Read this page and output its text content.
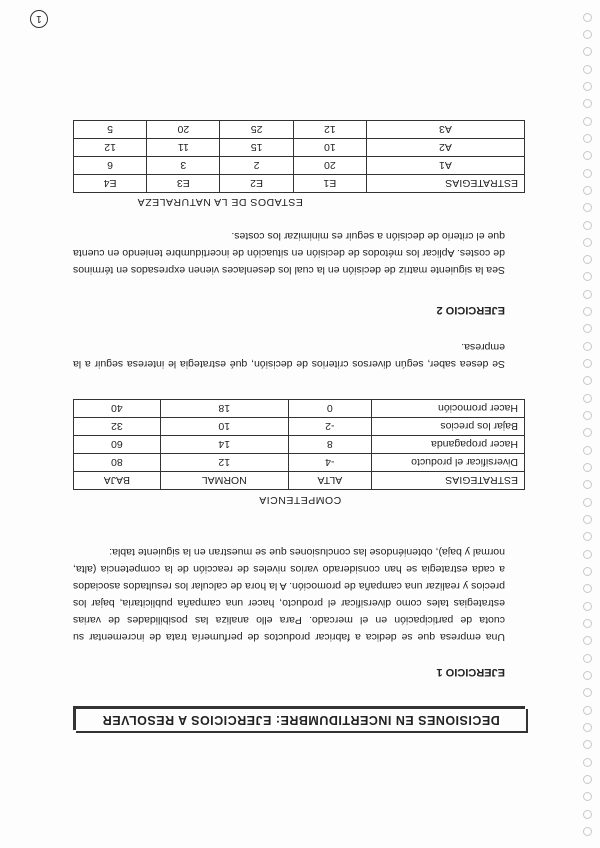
DECISIONES EN INCERTIDUMBRE: EJERCICIOS A RESOLVER
EJERCICIO 1

Una empresa que se dedica a fabricar productos de perfumería trata de incrementar su cuota de participación en el mercado. Para ello analiza las posibilidades de varias estrategias tales como diversificar el producto, hacer una campaña publicitaria, bajar los precios y realizar una campaña de promoción. A la hora de calcular los resultados asociados a cada estrategia se han considerado varios niveles de reacción de la competencia (alta, normal y baja), obteniéndose las conclusiones que se muestran en la siguiente tabla:

COMPETENCIA
ESTRATEGIAS	ALTA	NORMAL	BAJA
Diversificar el producto	-4	12	80
Hacer propaganda	8	14	60
Bajar los precios	-2	10	32
Hacer promoción	0	18	40

Se desea saber, según diversos criterios de decisión, qué estrategia le interesa seguir a la empresa.

EJERCICIO 2

Sea la siguiente matriz de decisión en la cual los desenlaces vienen expresados en términos de costes. Aplicar los métodos de decisión en situación de incertidumbre teniendo en cuenta que el criterio de decisión a seguir es minimizar los costes.

ESTADOS DE LA NATURALEZA
ESTRATEGIAS	E1	E2	E3	E4
A1	20	2	3	6
A2	10	15	11	12
A3	12	25	20	5
1
